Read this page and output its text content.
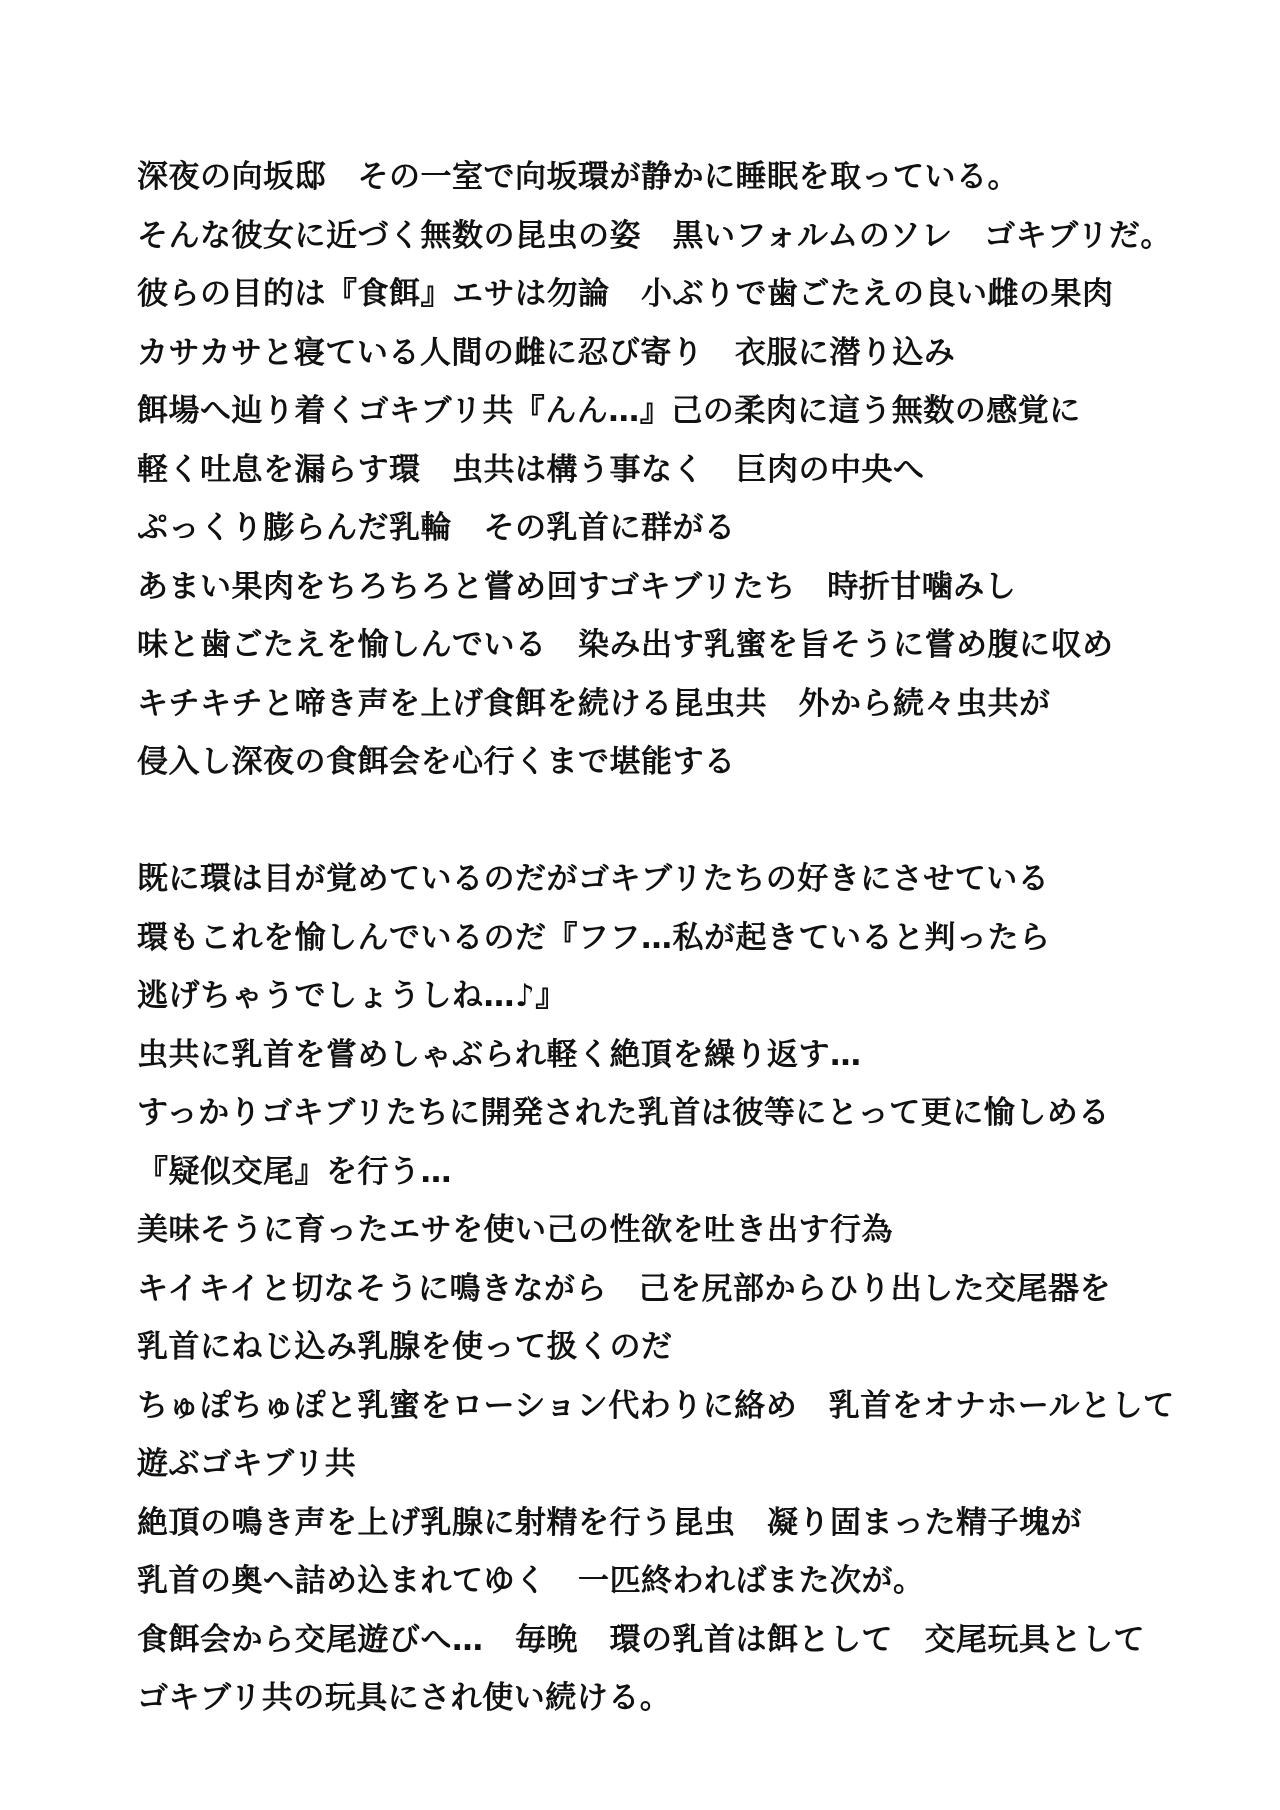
深夜の向坂邸　その一室で向坂環が静かに睡眠を取っている。
そんな彼女に近づく無数の昆虫の姿　黒いフォルムのソレ　ゴキブリだ。
彼らの目的は『食餌』エサは勿論　小ぶりで歯ごたえの良い雌の果肉
カサカサと寝ている人間の雌に忍び寄り　衣服に潜り込み
餌場へ辿り着くゴキブリ共『んん…』己の柔肉に這う無数の感覚に
軽く吐息を漏らす環　虫共は構う事なく　巨肉の中央へ
ぷっくり膨らんだ乳輪　その乳首に群がる
あまい果肉をちろちろと嘗め回すゴキブリたち　時折甘噛みし
味と歯ごたえを愉しんでいる　染み出す乳蜜を旨そうに嘗め腹に収め
キチキチと啼き声を上げ食餌を続ける昆虫共　外から続々虫共が
侵入し深夜の食餌会を心行くまで堪能する
既に環は目が覚めているのだがゴキブリたちの好きにさせている
環もこれを愉しんでいるのだ『フフ…私が起きていると判ったら
逃げちゃうでしょうしね…♪』
虫共に乳首を嘗めしゃぶられ軽く絶頂を繰り返す…
すっかりゴキブリたちに開発された乳首は彼等にとって更に愉しめる
『疑似交尾』を行う…
美味そうに育ったエサを使い己の性欲を吐き出す行為
キイキイと切なそうに鳴きながら　己を尻部からひり出した交尾器を
乳首にねじ込み乳腺を使って扱くのだ
ちゅぽちゅぽと乳蜜をローション代わりに絡め　乳首をオナホールとして
遊ぶゴキブリ共
絶頂の鳴き声を上げ乳腺に射精を行う昆虫　凝り固まった精子塊が
乳首の奥へ詰め込まれてゆく　一匹終わればまた次が。
食餌会から交尾遊びへ…　毎晩　環の乳首は餌として　交尾玩具として
ゴキブリ共の玩具にされ使い続ける。
